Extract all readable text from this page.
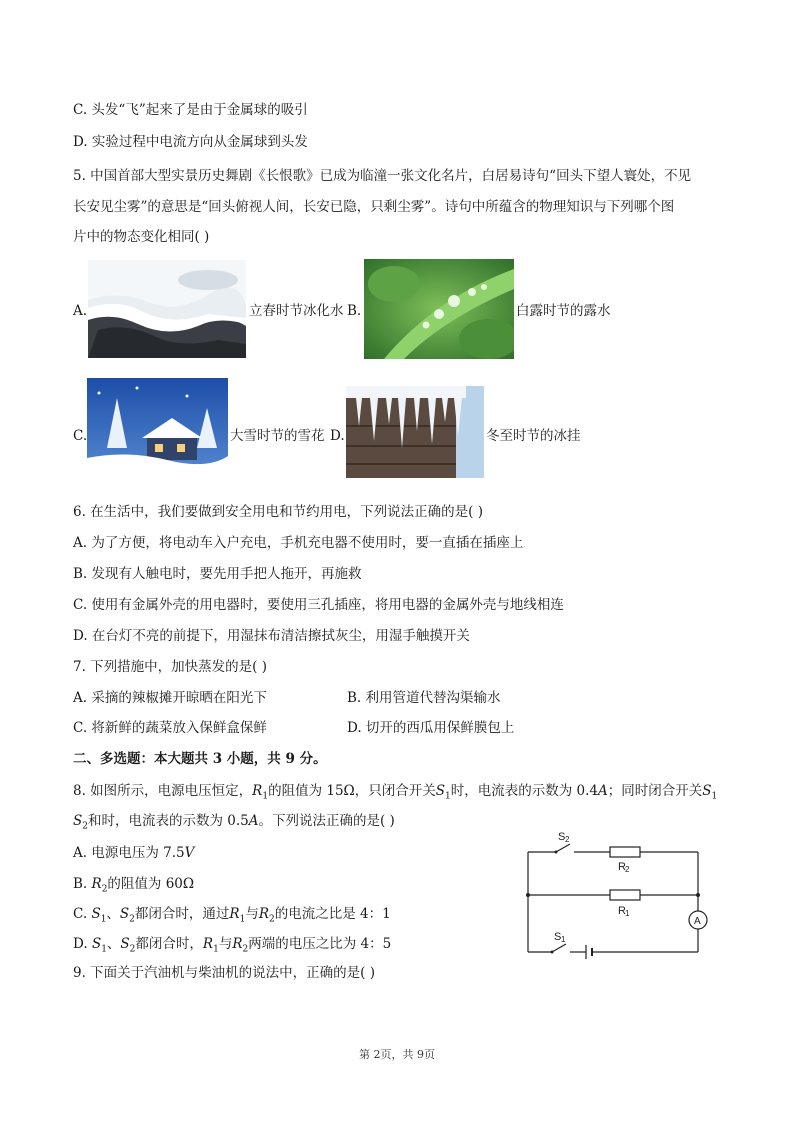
C. 头发“飞”起来了是由于金属球的吸引
D. 实验过程中电流方向从金属球到头发
5. 中国首部大型实景历史舞剧《长恨歌》已成为临潼一张文化名片，白居易诗句“回头下望人寰处，不见
长安见尘雾”的意思是“回头俯视人间，长安已隐，只剩尘雾”。诗句中所蕴含的物理知识与下列哪个图
片中的物态变化相同( )
A.	立春时节冰化水 B.	白露时节的露水
C.	大雪时节的雪花 D.	冬至时节的冰挂
6. 在生活中，我们要做到安全用电和节约用电，下列说法正确的是( )
A. 为了方便，将电动车入户充电，手机充电器不使用时，要一直插在插座上
B. 发现有人触电时，要先用手把人拖开，再施救
C. 使用有金属外壳的用电器时，要使用三孔插座，将用电器的金属外壳与地线相连
D. 在台灯不亮的前提下，用湿抹布清洁擦拭灰尘，用湿手触摸开关
7. 下列措施中，加快蒸发的是( )
A. 采摘的辣椒摊开晾晒在阳光下	B. 利用管道代替沟渠输水
C. 将新鲜的蔬菜放入保鲜盒保鲜	D. 切开的西瓜用保鲜膜包上
二、多选题：本大题共 3 小题，共 9 分。
8. 如图所示，电源电压恒定，$R_1$的阻值为 15Ω，只闭合开关$S_1$时，电流表的示数为 0.4A；同时闭合开关$S_1$
$S_2$和时，电流表的示数为 0.5A。下列说法正确的是( )
A. 电源电压为 7.5V
B. $R_2$的阻值为 60Ω
C. $S_1$、$S_2$都闭合时，通过$R_1$与$R_2$的电流之比是 4：1
D. $S_1$、$S_2$都闭合时，$R_1$与$R_2$两端的电压之比为 4：5
S 2
R 2
R 1
S 1
A
9. 下面关于汽油机与柴油机的说法中，正确的是( )
第 2页，共 9页
